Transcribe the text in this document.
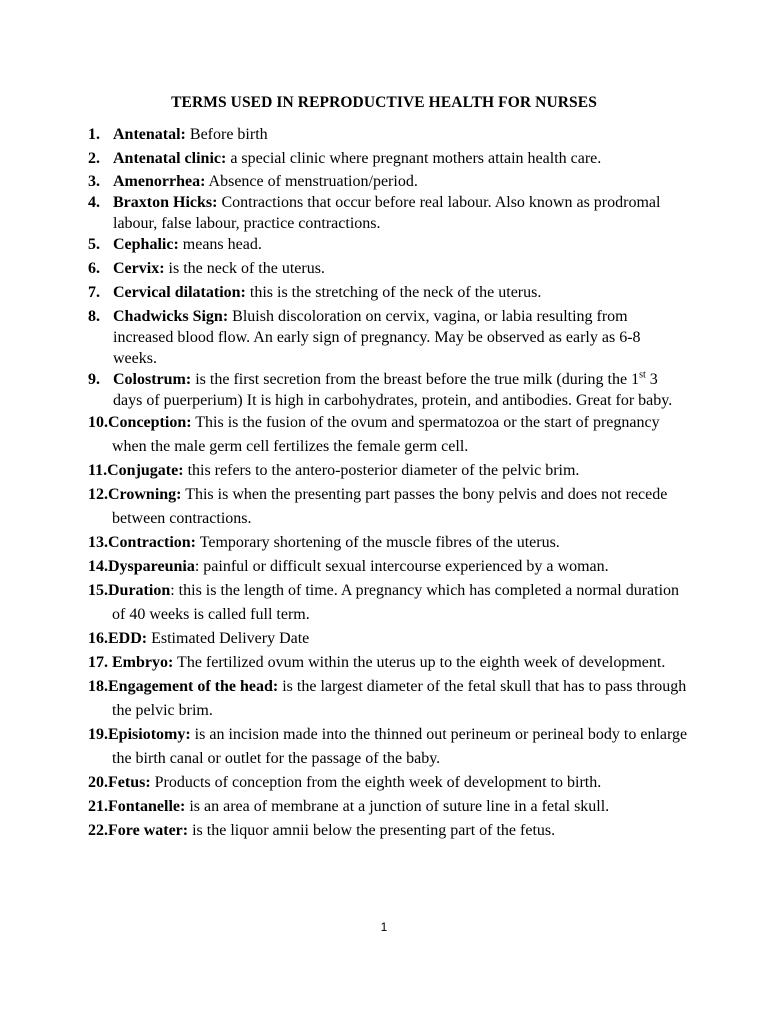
TERMS USED IN REPRODUCTIVE HEALTH FOR NURSES
1. Antenatal: Before birth
2. Antenatal clinic: a special clinic where pregnant mothers attain health care.
3. Amenorrhea: Absence of menstruation/period.
4. Braxton Hicks: Contractions that occur before real labour. Also known as prodromal labour, false labour, practice contractions.
5. Cephalic: means head.
6. Cervix: is the neck of the uterus.
7. Cervical dilatation: this is the stretching of the neck of the uterus.
8. Chadwicks Sign: Bluish discoloration on cervix, vagina, or labia resulting from increased blood flow. An early sign of pregnancy. May be observed as early as 6-8 weeks.
9. Colostrum: is the first secretion from the breast before the true milk (during the 1st 3 days of puerperium) It is high in carbohydrates, protein, and antibodies. Great for baby.
10.Conception: This is the fusion of the ovum and spermatozoa or the start of pregnancy when the male germ cell fertilizes the female germ cell.
11.Conjugate: this refers to the antero-posterior diameter of the pelvic brim.
12.Crowning: This is when the presenting part passes the bony pelvis and does not recede between contractions.
13.Contraction: Temporary shortening of the muscle fibres of the uterus.
14.Dyspareunia: painful or difficult sexual intercourse experienced by a woman.
15.Duration: this is the length of time. A pregnancy which has completed a normal duration of 40 weeks is called full term.
16.EDD: Estimated Delivery Date
17. Embryo: The fertilized ovum within the uterus up to the eighth week of development.
18.Engagement of the head: is the largest diameter of the fetal skull that has to pass through the pelvic brim.
19.Episiotomy: is an incision made into the thinned out perineum or perineal body to enlarge the birth canal or outlet for the passage of the baby.
20.Fetus: Products of conception from the eighth week of development to birth.
21.Fontanelle: is an area of membrane at a junction of suture line in a fetal skull.
22.Fore water: is the liquor amnii below the presenting part of the fetus.
1
